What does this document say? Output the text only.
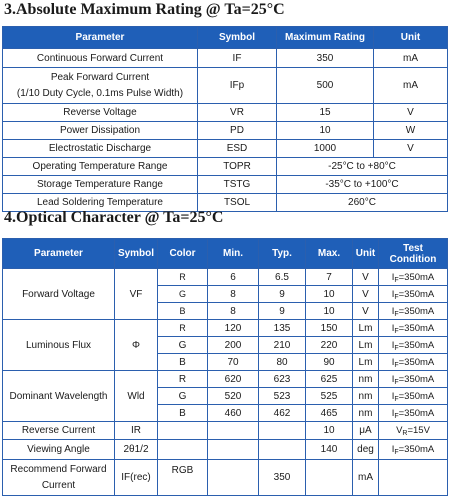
3.Absolute Maximum Rating @ Ta=25°C
Parameter	Symbol	Maximum Rating	Unit
Continuous Forward Current	IF	350	mA

Peak Forward Current
(1/10 Duty Cycle, 0.1ms Pulse Width)	IFp	500	mA
Reverse Voltage	VR	15	V
Power Dissipation	PD	10	W
Electrostatic Discharge	ESD	1000	V
Operating Temperature Range	TOPR	-25°C to +80°C	
Storage Temperature Range	TSTG	-35°C to +100°C	
Lead Soldering Temperature	TSOL	260°C	
4.Optical Character @ Ta=25°C
Parameter	Symbol	Color	Min.	Typ.	Max.	Unit	Test Condition
Forward Voltage	VF	R	6	6.5	7	V	$I_F=350mA$
		G	8	9	10	V	$I_F=350mA$
		B	8	9	10	V	$I_F=350mA$
Luminous Flux	Φ	R	120	135	150	Lm	$I_F=350mA$
		G	200	210	220	Lm	$I_F=350mA$
		B	70	80	90	Lm	$I_F=350mA$
Dominant Wavelength	Wld	R	620	623	625	nm	$I_F=350mA$
		G	520	523	525	nm	$I_F=350mA$
		B	460	462	465	nm	$I_F=350mA$
Reverse Current	IR				10	μA	$V_R=15V$
Viewing Angle	2θ1/2				140	deg	$I_F=350mA$

Recommend Forward
Current	IF(rec)	RGB		350		mA	
